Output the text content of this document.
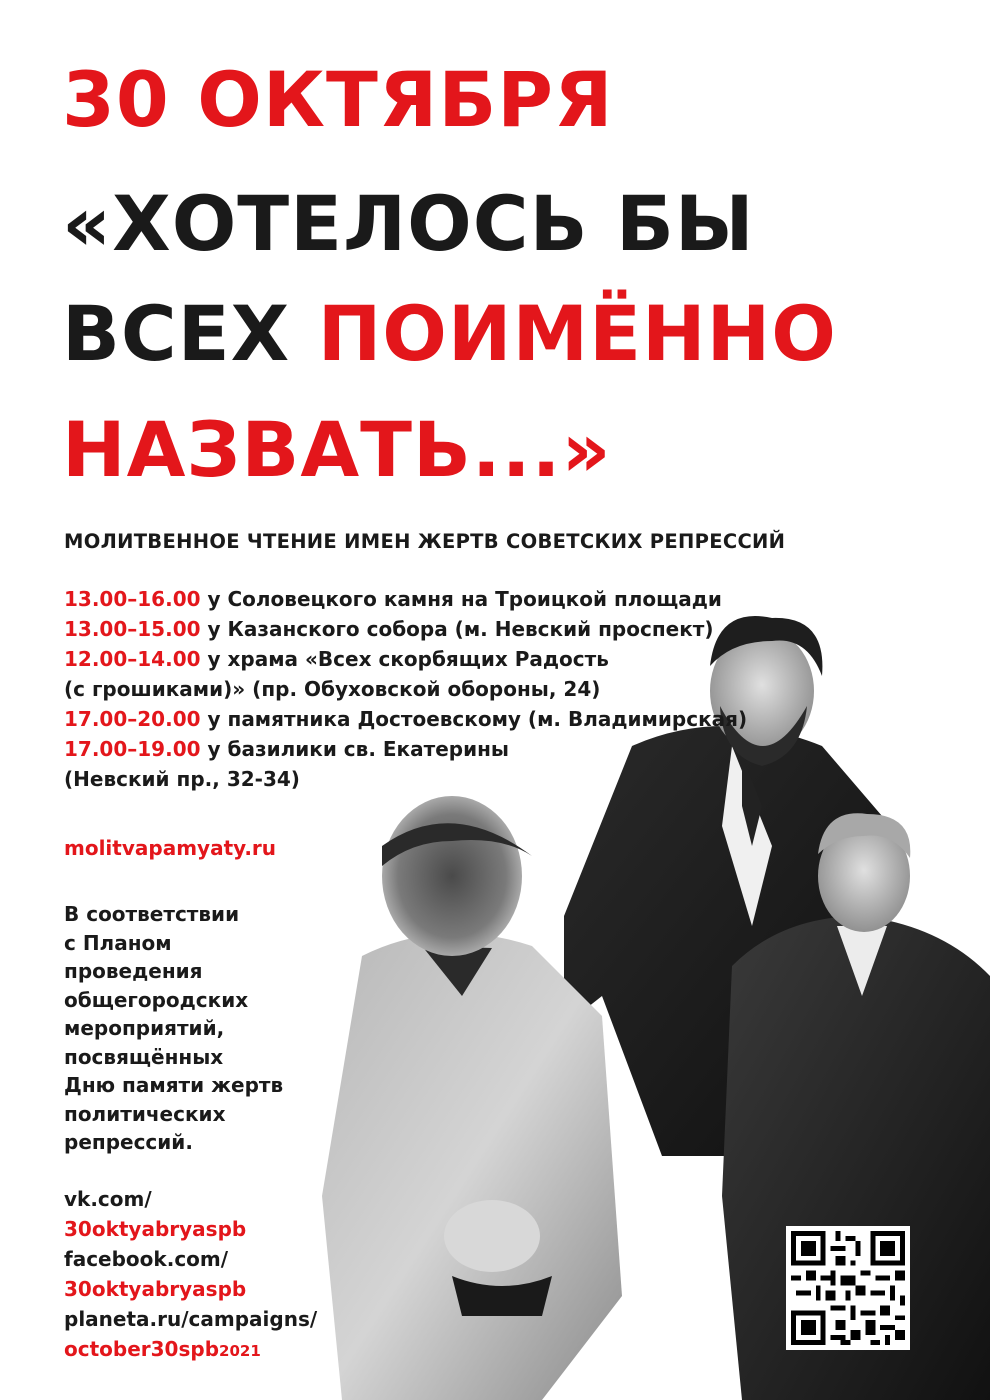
30 ОКТЯБРЯ
«ХОТЕЛОСЬ БЫ
ВСЕХ ПОИМЁННО
НАЗВАТЬ...»

МОЛИТВЕННОЕ ЧТЕНИЕ ИМЕН ЖЕРТВ СОВЕТСКИХ РЕПРЕССИЙ

13.00–16.00 у Соловецкого камня на Троицкой площади
13.00–15.00 у Казанского собора (м. Невский проспект)
12.00–14.00 у храма «Всех скорбящих Радость
(с грошиками)» (пр. Обуховской обороны, 24)
17.00–20.00 у памятника Достоевскому (м. Владимирская)
17.00–19.00 у базилики св. Екатерины
(Невский пр., 32-34)
molitvapamyaty.ru
В соответствии
с Планом
проведения
общегородских
мероприятий,
посвящённых
Дню памяти жертв
политических
репрессий.
vk.com/
30oktyabryaspb
facebook.com/
30oktyabryaspb
planeta.ru/campaigns/
october30spb2021
